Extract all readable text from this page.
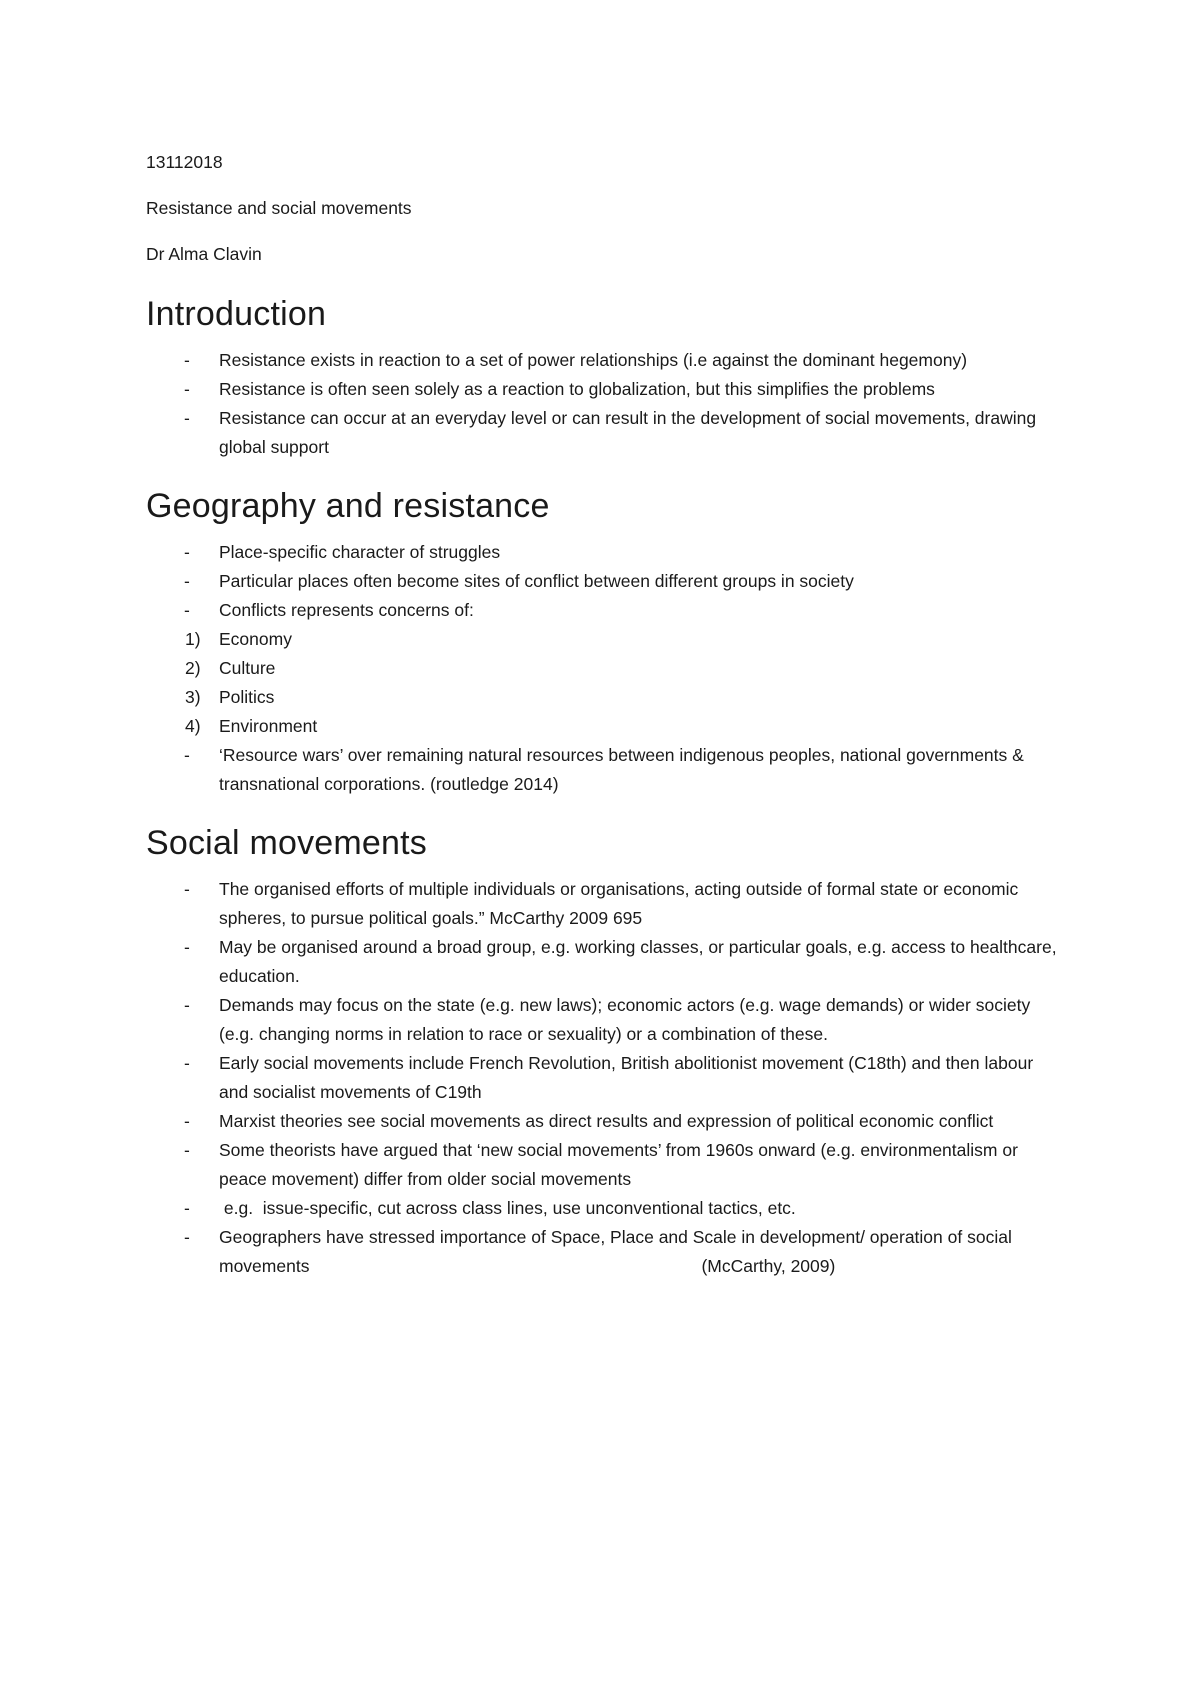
13112018

Resistance and social movements

Dr Alma Clavin

Introduction
- Resistance exists in reaction to a set of power relationships (i.e against the dominant hegemony)
- Resistance is often seen solely as a reaction to globalization, but this simplifies the problems
- Resistance can occur at an everyday level or can result in the development of social movements, drawing global support
Geography and resistance
- Place-specific character of struggles
- Particular places often become sites of conflict between different groups in society
- Conflicts represents concerns of:
1) Economy
2) Culture
3) Politics
4) Environment
- ‘Resource wars’ over remaining natural resources between indigenous peoples, national governments & transnational corporations. (routledge 2014)
Social movements
- The organised efforts of multiple individuals or organisations, acting outside of formal state or economic spheres, to pursue political goals.” McCarthy 2009 695
- May be organised around a broad group, e.g. working classes, or particular goals, e.g. access to healthcare, education.
- Demands may focus on the state (e.g. new laws); economic actors (e.g. wage demands) or wider society (e.g. changing norms in relation to race or sexuality) or a combination of these.
- Early social movements include French Revolution, British abolitionist movement (C18th) and then labour and socialist movements of C19th
- Marxist theories see social movements as direct results and expression of political economic conflict
- Some theorists have argued that ‘new social movements’ from 1960s onward (e.g. environmentalism or peace movement) differ from older social movements
- e.g.  issue-specific, cut across class lines, use unconventional tactics, etc.
- Geographers have stressed importance of Space, Place and Scale in development/ operation of social movements	(McCarthy, 2009)
